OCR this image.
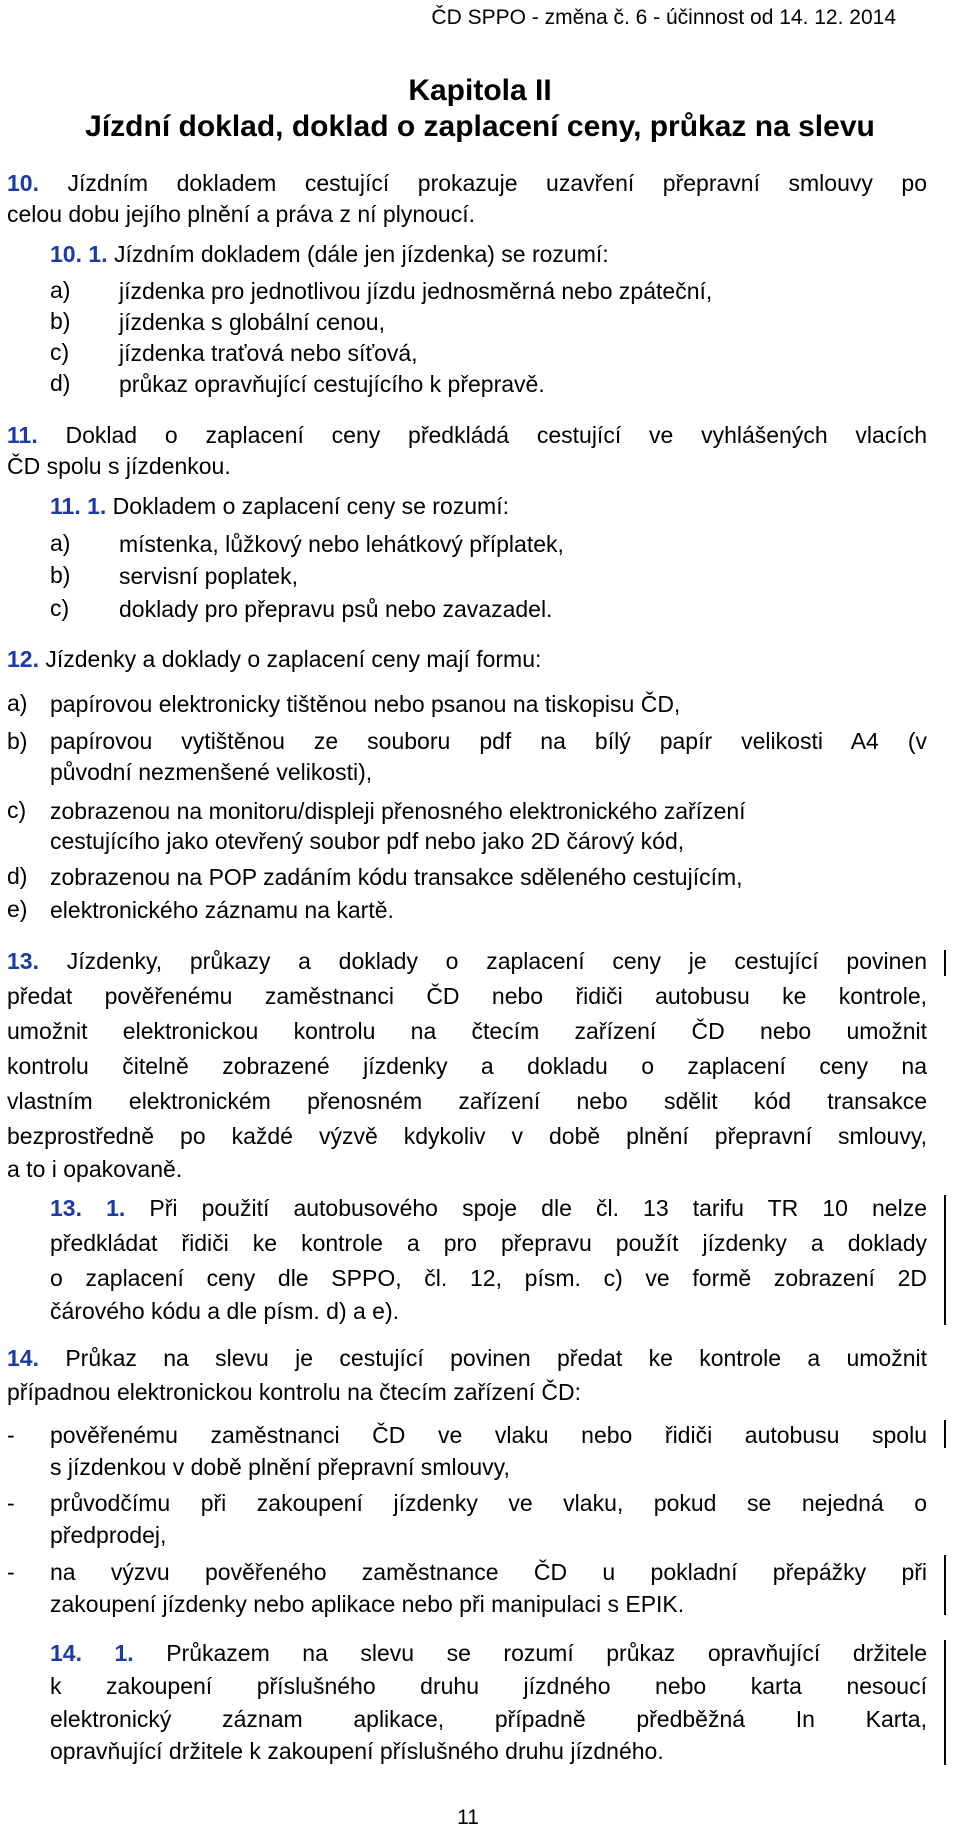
ČD SPPO - změna č. 6 - účinnost od 14. 12. 2014
Kapitola II
Jízdní doklad, doklad o zaplacení ceny, průkaz na slevu
10. Jízdním dokladem cestující prokazuje uzavření přepravní smlouvy po
celou dobu jejího plnění a práva z ní plynoucí.
10. 1. Jízdním dokladem (dále jen jízdenka) se rozumí:
a) jízdenka pro jednotlivou jízdu jednosměrná nebo zpáteční,
b) jízdenka s globální cenou,
c) jízdenka traťová nebo síťová,
d) průkaz opravňující cestujícího k přepravě.
11. Doklad o zaplacení ceny předkládá cestující ve vyhlášených vlacích
ČD spolu s jízdenkou.
11. 1. Dokladem o zaplacení ceny se rozumí:
a) místenka, lůžkový nebo lehátkový příplatek,
b) servisní poplatek,
c) doklady pro přepravu psů nebo zavazadel.
12. Jízdenky a doklady o zaplacení ceny mají formu:
a) papírovou elektronicky tištěnou nebo psanou na tiskopisu ČD,
b) papírovou vytištěnou ze souboru pdf na bílý papír velikosti A4 (v
původní nezmenšené velikosti),
c) zobrazenou na monitoru/displeji přenosného elektronického zařízení
cestujícího jako otevřený soubor pdf nebo jako 2D čárový kód,
d) zobrazenou na POP zadáním kódu transakce sděleného cestujícím,
e) elektronického záznamu na kartě.
13. Jízdenky, průkazy a doklady o zaplacení ceny je cestující povinen
předat pověřenému zaměstnanci ČD nebo řidiči autobusu ke kontrole,
umožnit elektronickou kontrolu na čtecím zařízení ČD nebo umožnit
kontrolu čitelně zobrazené jízdenky a dokladu o zaplacení ceny na
vlastním elektronickém přenosném zařízení nebo sdělit kód transakce
bezprostředně po každé výzvě kdykoliv v době plnění přepravní smlouvy,
a to i opakovaně.
13. 1. Při použití autobusového spoje dle čl. 13 tarifu TR 10 nelze
předkládat řidiči ke kontrole a pro přepravu použít jízdenky a doklady
o zaplacení ceny dle SPPO, čl. 12, písm. c) ve formě zobrazení 2D
čárového kódu a dle písm. d) a e).
14. Průkaz na slevu je cestující povinen předat ke kontrole a umožnit
případnou elektronickou kontrolu na čtecím zařízení ČD:
- pověřenému zaměstnanci ČD ve vlaku nebo řidiči autobusu spolu
s jízdenkou v době plnění přepravní smlouvy,
- průvodčímu při zakoupení jízdenky ve vlaku, pokud se nejedná o
předprodej,
- na výzvu pověřeného zaměstnance ČD u pokladní přepážky při
zakoupení jízdenky nebo aplikace nebo při manipulaci s EPIK.
14. 1. Průkazem na slevu se rozumí průkaz opravňující držitele
k zakoupení příslušného druhu jízdného nebo karta nesoucí
elektronický záznam aplikace, případně předběžná In Karta,
opravňující držitele k zakoupení příslušného druhu jízdného.
11
